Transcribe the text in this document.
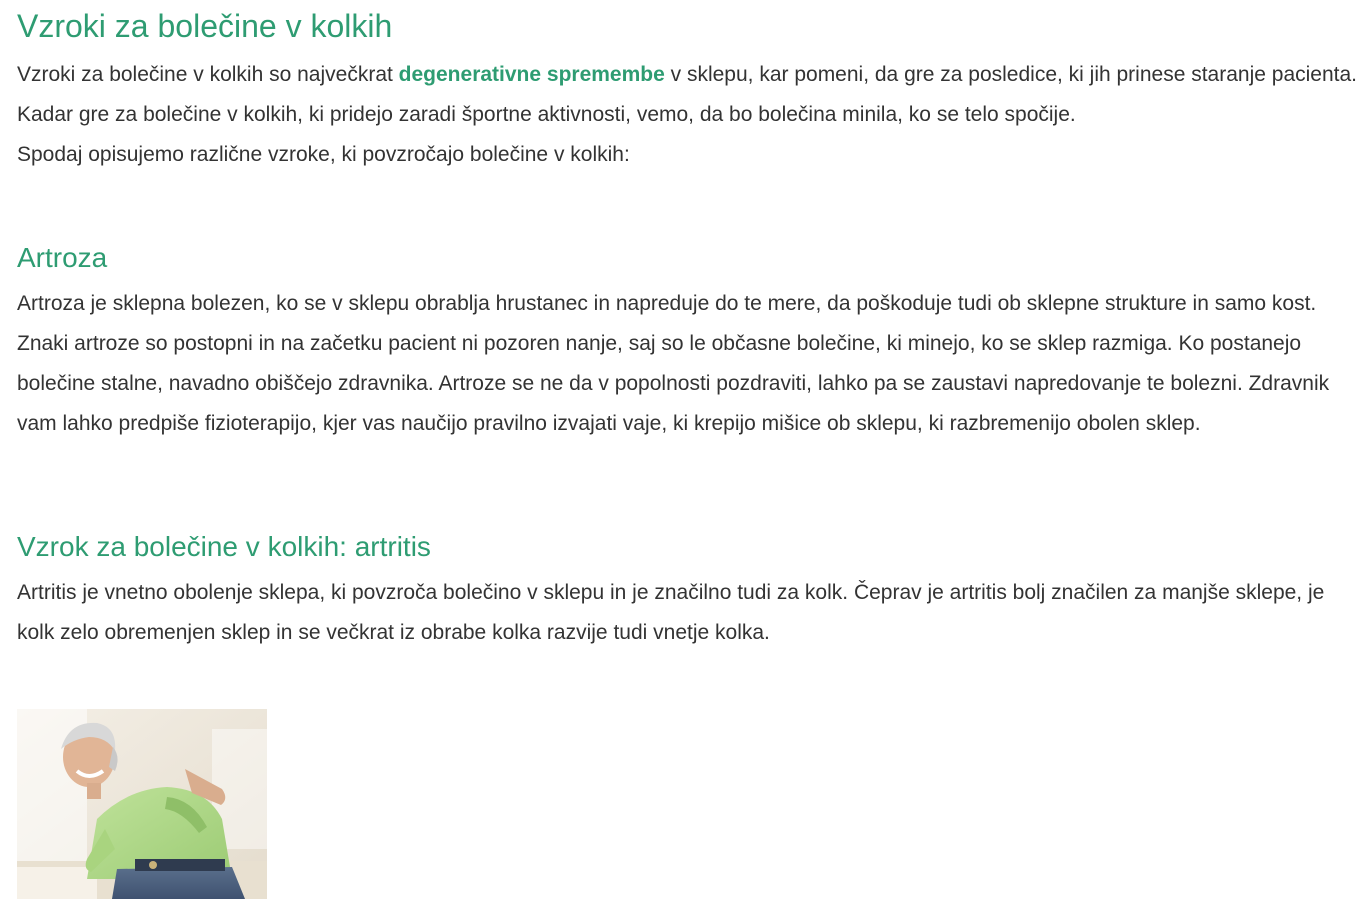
Vzroki za bolečine v kolkih

Vzroki za bolečine v kolkih so največkrat degenerativne spremembe v sklepu, kar pomeni, da gre za posledice, ki jih prinese staranje pacienta. Kadar gre za bolečine v kolkih, ki pridejo zaradi športne aktivnosti, vemo, da bo bolečina minila, ko se telo spočije.

Spodaj opisujemo različne vzroke, ki povzročajo bolečine v kolkih:

Artroza

Artroza je sklepna bolezen, ko se v sklepu obrablja hrustanec in napreduje do te mere, da poškoduje tudi ob sklepne strukture in samo kost. Znaki artroze so postopni in na začetku pacient ni pozoren nanje, saj so le občasne bolečine, ki minejo, ko se sklep razmiga. Ko postanejo bolečine stalne, navadno obiščejo zdravnika. Artroze se ne da v popolnosti pozdraviti, lahko pa se zaustavi napredovanje te bolezni. Zdravnik vam lahko predpiše fizioterapijo, kjer vas naučijo pravilno izvajati vaje, ki krepijo mišice ob sklepu, ki razbremenijo obolen sklep.

Vzrok za bolečine v kolkih: artritis

Artritis je vnetno obolenje sklepa, ki povzroča bolečino v sklepu in je značilno tudi za kolk. Čeprav je artritis bolj značilen za manjše sklepe, je kolk zelo obremenjen sklep in se večkrat iz obrabe kolka razvije tudi vnetje kolka.
